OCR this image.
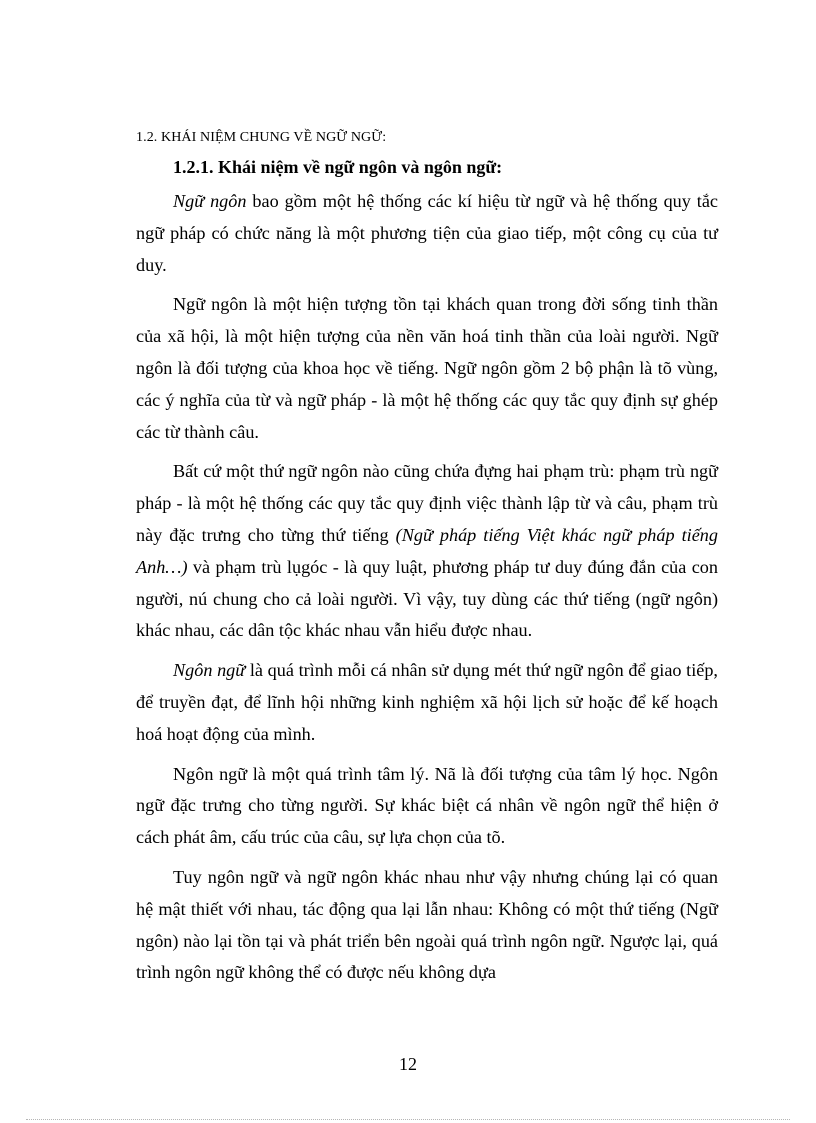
1.2. KHÁI NIỆM CHUNG VỀ NGỮ NGỮ:

1.2.1. Khái niệm về ngữ ngôn và ngôn ngữ:

Ngữ ngôn bao gồm một hệ thống các kí hiệu từ ngữ và hệ thống quy tắc ngữ pháp có chức năng là một phương tiện của giao tiếp, một công cụ của tư duy.

Ngữ ngôn là một hiện tượng tồn tại khách quan trong đời sống tinh thần của xã hội, là một hiện tượng của nền văn hoá tinh thần của loài người. Ngữ ngôn là đối tượng của khoa học về tiếng. Ngữ ngôn gồm 2 bộ phận là tõ vùng, các ý nghĩa của từ và ngữ pháp - là một hệ thống các quy tắc quy định sự ghép các từ thành câu.

Bất cứ một thứ ngữ ngôn nào cũng chứa đựng hai phạm trù: phạm trù ngữ pháp - là một hệ thống các quy tắc quy định việc thành lập từ và câu, phạm trù này đặc trưng cho từng thứ tiếng (Ngữ pháp tiếng Việt khác ngữ pháp tiếng Anh…) và phạm trù lụgóc - là quy luật, phương pháp tư duy đúng đắn của con người, nú chung cho cả loài người. Vì vậy, tuy dùng các thứ tiếng (ngữ ngôn) khác nhau, các dân tộc khác nhau vẫn hiểu được nhau.

Ngôn ngữ là quá trình mỗi cá nhân sử dụng mét thứ ngữ ngôn để giao tiếp, để truyền đạt, để lĩnh hội những kinh nghiệm xã hội lịch sử hoặc để kế hoạch hoá hoạt động của mình.

Ngôn ngữ là một quá trình tâm lý. Nã là đối tượng của tâm lý học. Ngôn ngữ đặc trưng cho từng người. Sự khác biệt cá nhân về ngôn ngữ thể hiện ở cách phát âm, cấu trúc của câu, sự lựa chọn của tõ.

Tuy ngôn ngữ và ngữ ngôn khác nhau như vậy nhưng chúng lại có quan hệ mật thiết với nhau, tác động qua lại lẫn nhau: Không có một thứ tiếng (Ngữ ngôn) nào lại tồn tại và phát triển bên ngoài quá trình ngôn ngữ. Ngược lại, quá trình ngôn ngữ không thể có được nếu không dựa

12
